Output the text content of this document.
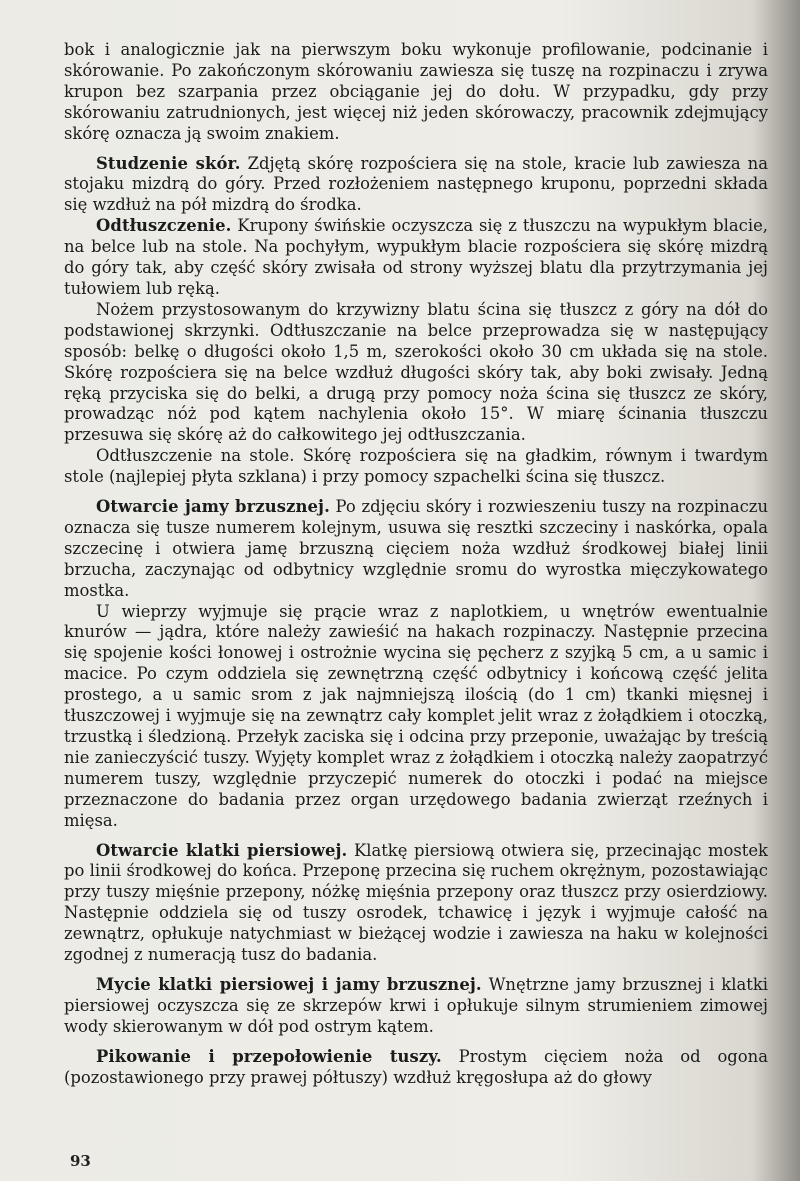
bok i analogicznie jak na pierwszym boku wykonuje profilowanie, podcinanie i skórowanie. Po zakończonym skórowaniu zawiesza się tuszę na rozpinaczu i zrywa krupon bez szarpania przez obciąganie jej do dołu. W przypadku, gdy przy skórowaniu zatrudnionych, jest więcej niż jeden skórowaczy, pracownik zdejmujący skórę oznacza ją swoim znakiem.

Studzenie skór. Zdjętą skórę rozpościera się na stole, kracie lub zawiesza na stojaku mizdrą do góry. Przed rozłożeniem następnego kruponu, poprzedni składa się wzdłuż na pół mizdrą do środka.

Odtłuszczenie. Krupony świńskie oczyszcza się z tłuszczu na wypukłym blacie, na belce lub na stole. Na pochyłym, wypukłym blacie rozpościera się skórę mizdrą do góry tak, aby część skóry zwisała od strony wyższej blatu dla przytrzymania jej tułowiem lub ręką.

Nożem przystosowanym do krzywizny blatu ścina się tłuszcz z góry na dół do podstawionej skrzynki. Odtłuszczanie na belce przeprowadza się w następujący sposób: belkę o długości około 1,5 m, szerokości około 30 cm układa się na stole. Skórę rozpościera się na belce wzdłuż długości skóry tak, aby boki zwisały. Jedną ręką przyciska się do belki, a drugą przy pomocy noża ścina się tłuszcz ze skóry, prowadząc nóż pod kątem nachylenia około 15°. W miarę ścinania tłuszczu przesuwa się skórę aż do całkowitego jej odtłuszczania.

Odtłuszczenie na stole. Skórę rozpościera się na gładkim, równym i twardym stole (najlepiej płyta szklana) i przy pomocy szpachelki ścina się tłuszcz.

Otwarcie jamy brzusznej. Po zdjęciu skóry i rozwieszeniu tuszy na rozpinaczu oznacza się tusze numerem kolejnym, usuwa się resztki szczeciny i naskórka, opala szczecinę i otwiera jamę brzuszną cięciem noża wzdłuż środkowej białej linii brzucha, zaczynając od odbytnicy względnie sromu do wyrostka mięczykowatego mostka.

U wieprzy wyjmuje się prącie wraz z naplotkiem, u wnętrów ewentualnie knurów — jądra, które należy zawieśić na hakach rozpinaczy. Następnie przecina się spojenie kości łonowej i ostrożnie wycina się pęcherz z szyjką 5 cm, a u samic i macice. Po czym oddziela się zewnętrzną część odbytnicy i końcową część jelita prostego, a u samic srom z jak najmniejszą ilością (do 1 cm) tkanki mięsnej i tłuszczowej i wyjmuje się na zewnątrz cały komplet jelit wraz z żołądkiem i otoczką, trzustką i śledzioną. Przełyk zaciska się i odcina przy przeponie, uważając by treścią nie zanieczyścić tuszy. Wyjęty komplet wraz z żołądkiem i otoczką należy zaopatrzyć numerem tuszy, względnie przyczepić numerek do otoczki i podać na miejsce przeznaczone do badania przez organ urzędowego badania zwierząt rzeźnych i mięsa.

Otwarcie klatki piersiowej. Klatkę piersiową otwiera się, przecinając mostek po linii środkowej do końca. Przeponę przecina się ruchem okrężnym, pozostawiając przy tuszy mięśnie przepony, nóżkę mięśnia przepony oraz tłuszcz przy osierdziowy. Następnie oddziela się od tuszy osrodek, tchawicę i język i wyjmuje całość na zewnątrz, opłukuje natychmiast w bieżącej wodzie i zawiesza na haku w kolejności zgodnej z numeracją tusz do badania.

Mycie klatki piersiowej i jamy brzusznej. Wnętrzne jamy brzusznej i klatki piersiowej oczyszcza się ze skrzepów krwi i opłukuje silnym strumieniem zimowej wody skierowanym w dół pod ostrym kątem.

Pikowanie i przepołowienie tuszy. Prostym cięciem noża od ogona (pozostawionego przy prawej półtuszy) wzdłuż kręgosłupa aż do głowy

93
